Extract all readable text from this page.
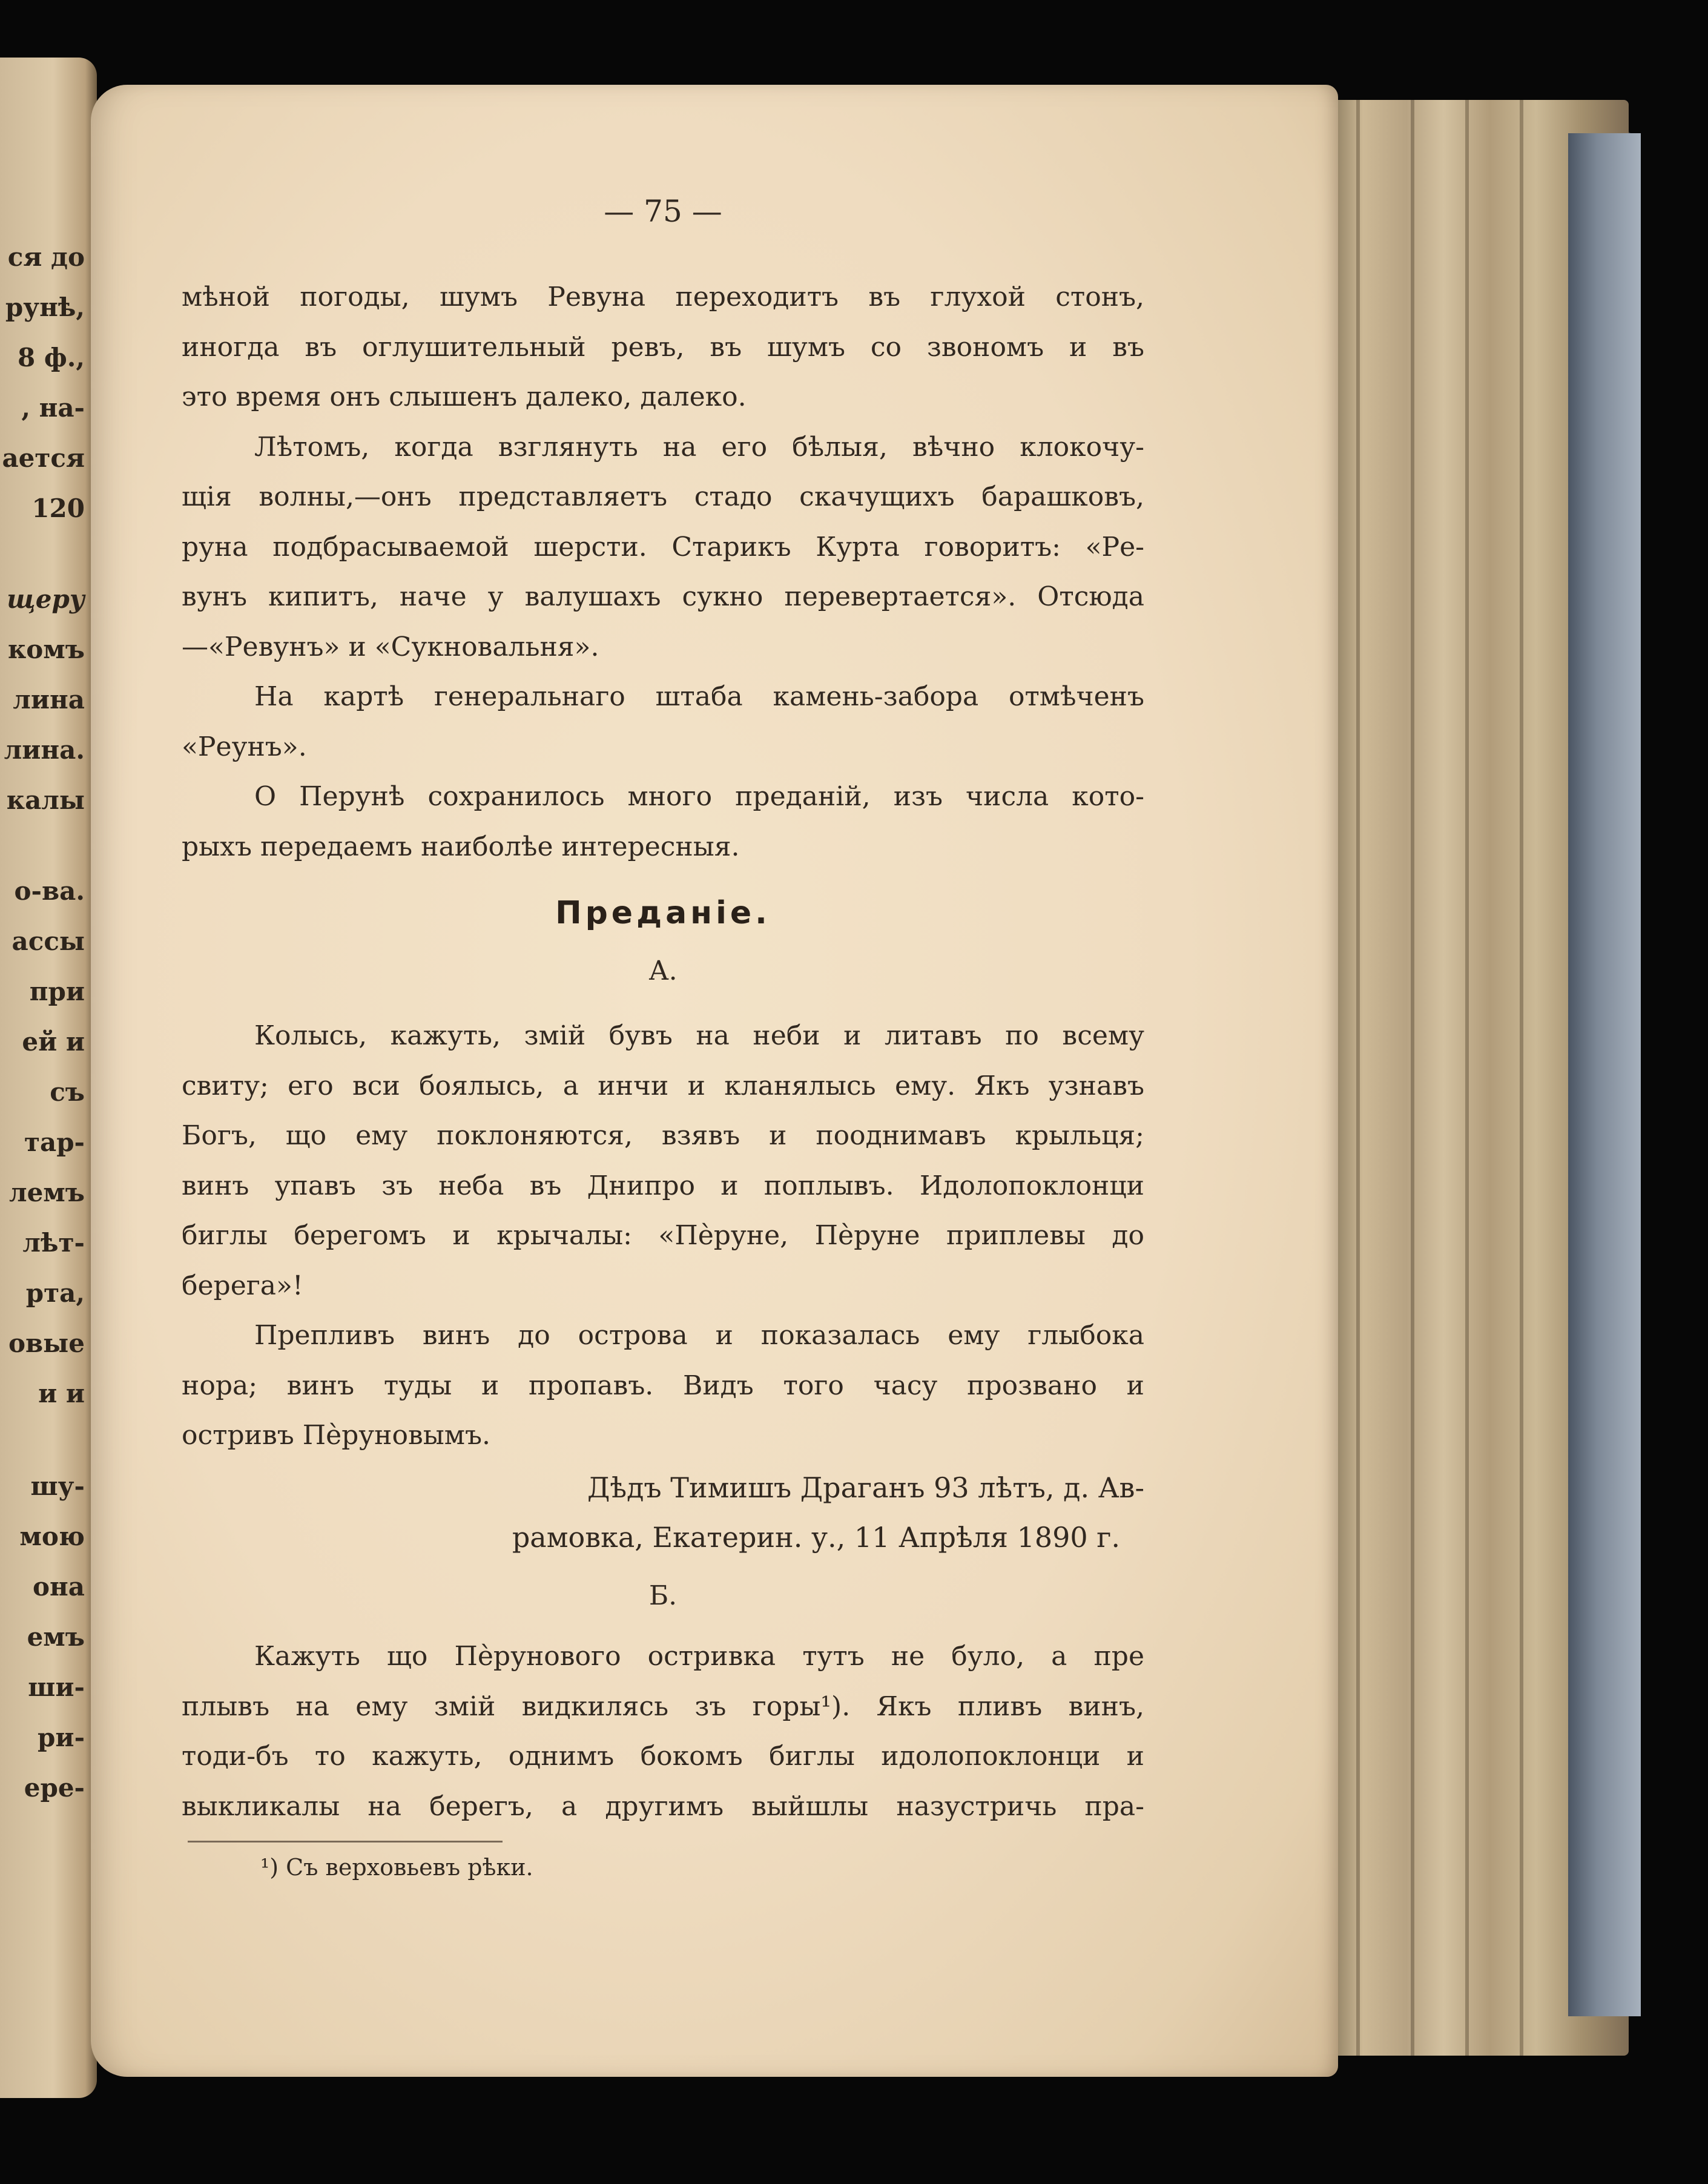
ся до
рунѣ,
8 ф.,
, на-
ается
120
щеру
комъ
лина
лина.
калы
о-ва.
ассы
при
ей и
съ
тар-
лемъ
лѣт-
рта,
овые
и и
шу-
мою
она
емъ
ши-
ри-
ере-
— 75 —
мѣной погоды, шумъ Ревуна переходитъ въ глухой стонъ,
иногда въ оглушительный ревъ, въ шумъ со звономъ и въ
это время онъ слышенъ далеко, далеко.
Лѣтомъ, когда взглянуть на его бѣлыя, вѣчно клокочу-
щія волны,—онъ представляетъ стадо скачущихъ барашковъ,
руна подбрасываемой шерсти. Старикъ Курта говоритъ: «Ре-
вунъ кипитъ, наче у валушахъ сукно перевертается». Отсюда
—«Ревунъ» и «Сукновальня».
На картѣ генеральнаго штаба камень-забора отмѣченъ
«Реунъ».
О Перунѣ сохранилось много преданій, изъ числа кото-
рыхъ передаемъ наиболѣе интересныя.
Преданіе.
А.
Колысь, кажуть, змій бувъ на неби и литавъ по всему
свиту; его вси боялысь, а инчи и кланялысь ему. Якъ узнавъ
Богъ, що ему поклоняются, взявъ и пооднимавъ крыльця;
винъ упавъ зъ неба въ Днипро и поплывъ. Идолопоклонци
биглы берегомъ и крычалы: «Пѐруне, Пѐруне приплевы до
берега»!
Препливъ винъ до острова и показалась ему глыбока
нора; винъ туды и пропавъ. Видъ того часу прозвано и
остривъ Пѐруновымъ.
Дѣдъ Тимишъ Драганъ 93 лѣтъ, д. Ав-
рамовка, Екатерин. у., 11 Апрѣля 1890 г.
Б.
Кажуть що Пѐрунового остривка тутъ не було, а пре
плывъ на ему змій видкилясь зъ горы¹). Якъ пливъ винъ,
тоди-бъ то кажуть, однимъ бокомъ биглы идолопоклонци и
выкликалы на берегъ, а другимъ выйшлы назустричь пра-
¹) Съ верховьевъ рѣки.
